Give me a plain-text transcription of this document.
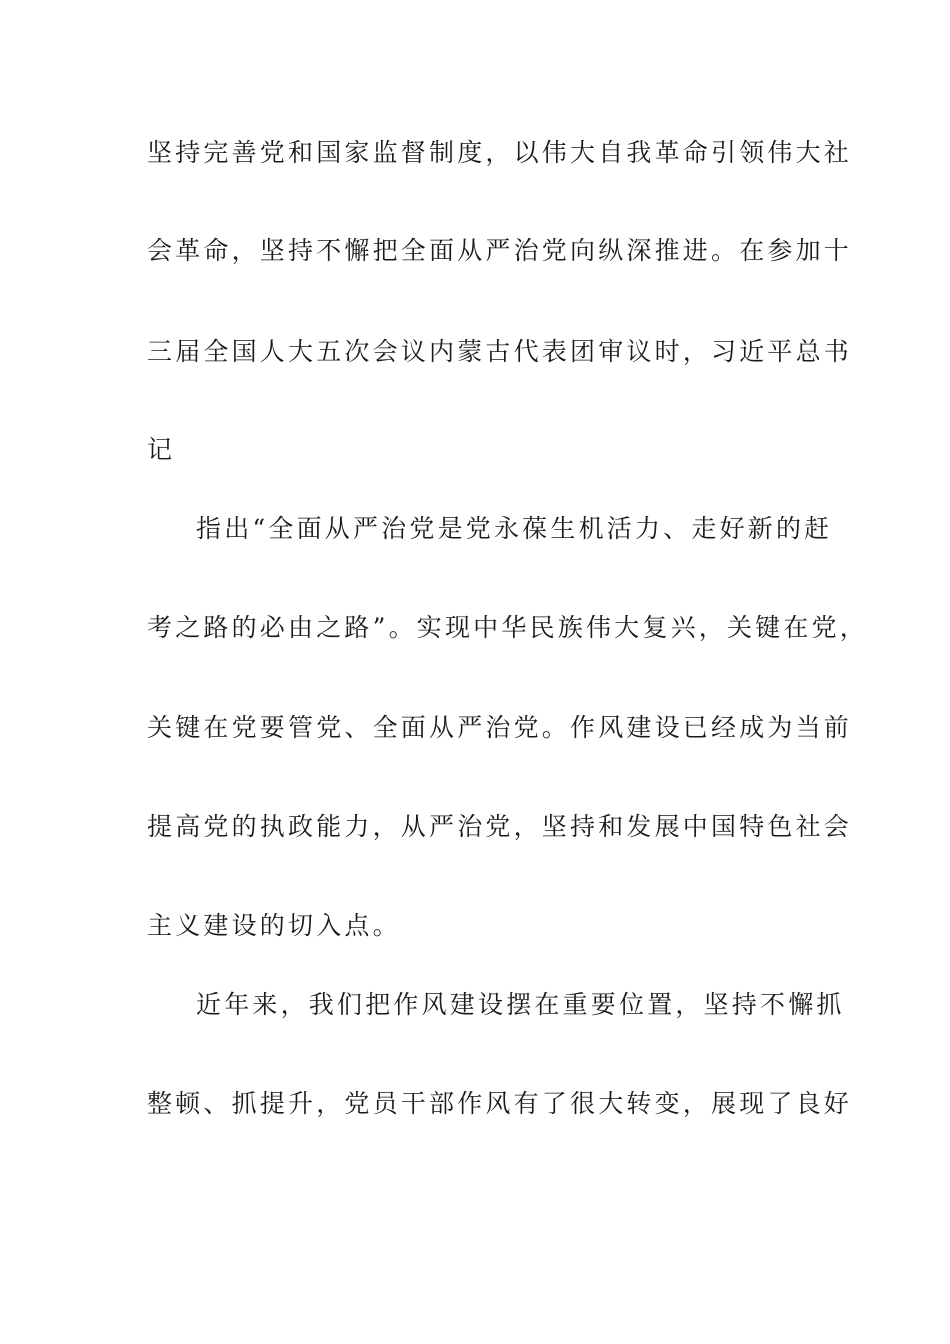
坚持完善党和国家监督制度，以伟大自我革命引领伟大社
会革命，坚持不懈把全面从严治党向纵深推进。在参加十
三届全国人大五次会议内蒙古代表团审议时，习近平总书
记
指出“全面从严治党是党永葆生机活力、走好新的赶
考之路的必由之路”。实现中华民族伟大复兴，关键在党，
关键在党要管党、全面从严治党。作风建设已经成为当前
提高党的执政能力，从严治党，坚持和发展中国特色社会
主义建设的切入点。
近年来，我们把作风建设摆在重要位置，坚持不懈抓
整顿、抓提升，党员干部作风有了很大转变，展现了良好
